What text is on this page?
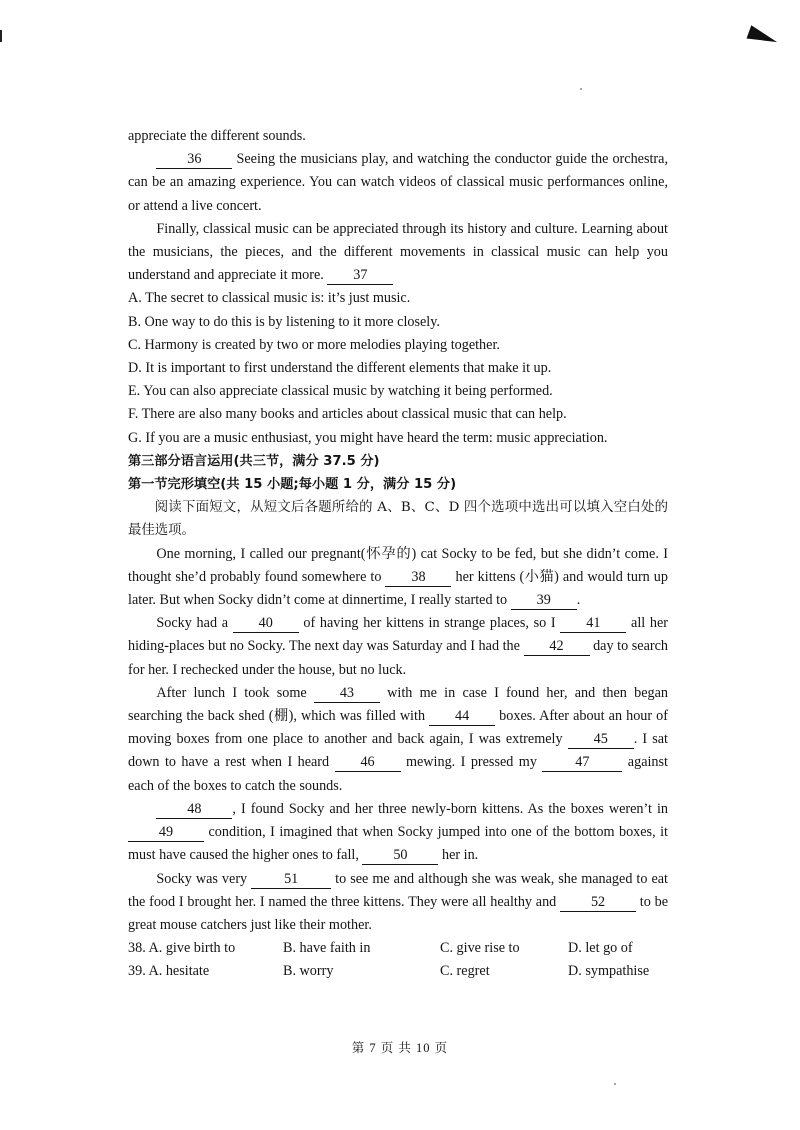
appreciate the different sounds.

36 Seeing the musicians play, and watching the conductor guide the orchestra, can be an amazing experience. You can watch videos of classical music performances online, or attend a live concert.

Finally, classical music can be appreciated through its history and culture. Learning about the musicians, the pieces, and the different movements in classical music can help you understand and appreciate it more. 37

A. The secret to classical music is: it’s just music.

B. One way to do this is by listening to it more closely.

C. Harmony is created by two or more melodies playing together.

D. It is important to first understand the different elements that make it up.

E. You can also appreciate classical music by watching it being performed.

F. There are also many books and articles about classical music that can help.

G. If you are a music enthusiast, you might have heard the term: music appreciation.

第三部分语言运用(共三节，满分 37.5 分)

第一节完形填空(共 15 小题;每小题 1 分，满分 15 分)

阅读下面短文，从短文后各题所给的 A、B、C、D 四个选项中选出可以填入空白处的最佳选项。

One morning, I called our pregnant(怀孕的) cat Socky to be fed, but she didn’t come. I thought she’d probably found somewhere to 38 her kittens (小猫) and would turn up later. But when Socky didn’t come at dinnertime, I really started to 39 .

Socky had a 40 of having her kittens in strange places, so I 41 all her hiding-places but no Socky. The next day was Saturday and I had the 42 day to search for her. I rechecked under the house, but no luck.

After lunch I took some 43 with me in case I found her, and then began searching the back shed (棚), which was filled with 44 boxes. After about an hour of moving boxes from one place to another and back again, I was extremely 45 . I sat down to have a rest when I heard 46 mewing. I pressed my 47 against each of the boxes to catch the sounds.

48 , I found Socky and her three newly-born kittens. As the boxes weren’t in 49 condition, I imagined that when Socky jumped into one of the bottom boxes, it must have caused the higher ones to fall, 50 her in.

Socky was very 51 to see me and although she was weak, she managed to eat the food I brought her. I named the three kittens. They were all healthy and 52 to be great mouse catchers just like their mother.

38. A. give birth to	B. have faith in	C. give rise to	D. let go of
39. A. hesitate	B. worry	C. regret	D. sympathise
第 7 页 共 10 页
